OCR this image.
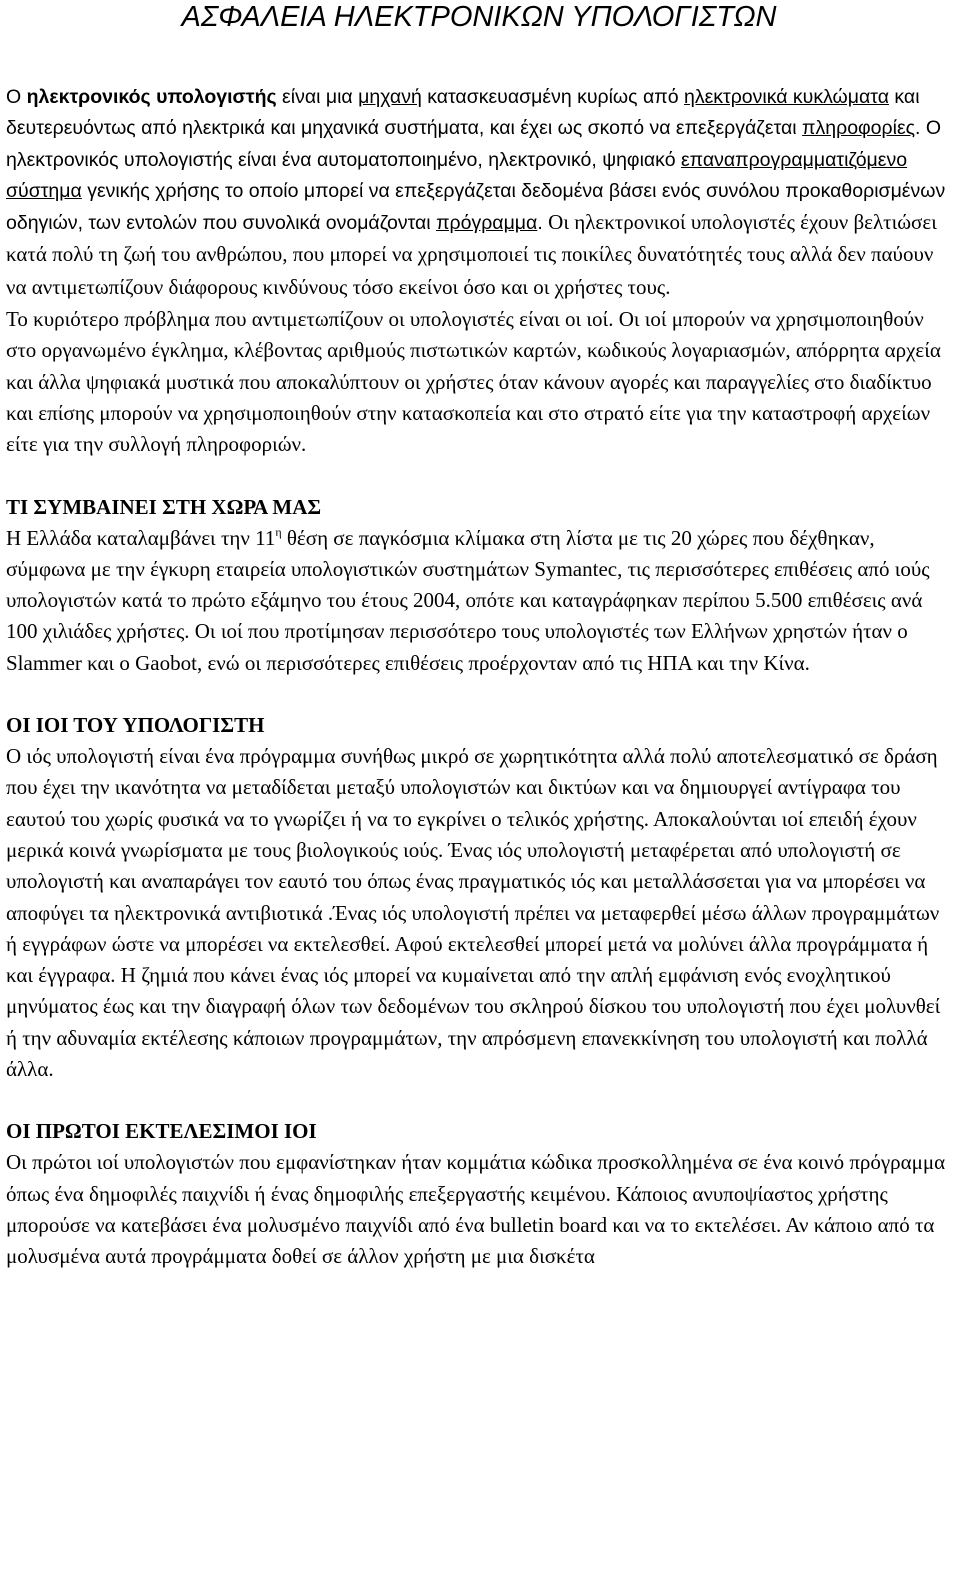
ΑΣΦΑΛΕΙΑ ΗΛΕΚΤΡΟΝΙΚΩΝ ΥΠΟΛΟΓΙΣΤΩΝ

Ο ηλεκτρονικός υπολογιστής είναι μια μηχανή κατασκευασμένη κυρίως από ηλεκτρονικά κυκλώματα και δευτερευόντως από ηλεκτρικά και μηχανικά συστήματα, και έχει ως σκοπό να επεξεργάζεται πληροφορίες. Ο ηλεκτρονικός υπολογιστής είναι ένα αυτοματοποιημένο, ηλεκτρονικό, ψηφιακό επαναπρογραμματιζόμενο σύστημα γενικής χρήσης το οποίο μπορεί να επεξεργάζεται δεδομένα βάσει ενός συνόλου προκαθορισμένων οδηγιών, των εντολών που συνολικά ονομάζονται πρόγραμμα. Οι ηλεκτρονικοί υπολογιστές έχουν βελτιώσει κατά πολύ τη ζωή του ανθρώπου, που μπορεί να χρησιμοποιεί τις ποικίλες δυνατότητές τους αλλά δεν παύουν να αντιμετωπίζουν διάφορους κινδύνους τόσο εκείνοι όσο και οι χρήστες τους.

Το κυριότερο πρόβλημα που αντιμετωπίζουν οι υπολογιστές είναι οι ιοί. Οι ιοί μπορούν να χρησιμοποιηθούν στο οργανωμένο έγκλημα, κλέβοντας αριθμούς πιστωτικών καρτών, κωδικούς λογαριασμών, απόρρητα αρχεία και άλλα ψηφιακά μυστικά που αποκαλύπτουν οι χρήστες όταν κάνουν αγορές και παραγγελίες στο διαδίκτυο και επίσης μπορούν να χρησιμοποιηθούν στην κατασκοπεία και στο στρατό είτε για την καταστροφή αρχείων είτε για την συλλογή πληροφοριών.

ΤΙ ΣΥΜΒΑΙΝΕΙ ΣΤΗ ΧΩΡΑ ΜΑΣ

Η Ελλάδα καταλαμβάνει την $11^\eta$ θέση σε παγκόσμια κλίμακα στη λίστα με τις 20 χώρες που δέχθηκαν, σύμφωνα με την έγκυρη εταιρεία υπολογιστικών συστημάτων Symantec, τις περισσότερες επιθέσεις από ιούς υπολογιστών κατά το πρώτο εξάμηνο του έτους 2004, οπότε και καταγράφηκαν περίπου 5.500 επιθέσεις ανά 100 χιλιάδες χρήστες. Οι ιοί που προτίμησαν περισσότερο τους υπολογιστές των Ελλήνων χρηστών ήταν ο Slammer και ο Gaobot, ενώ οι περισσότερες επιθέσεις προέρχονταν από τις ΗΠΑ και την Κίνα.

ΟΙ ΙΟΙ ΤΟΥ ΥΠΟΛΟΓΙΣΤΗ

Ο ιός υπολογιστή είναι ένα πρόγραμμα συνήθως μικρό σε χωρητικότητα αλλά πολύ αποτελεσματικό σε δράση που έχει την ικανότητα να μεταδίδεται μεταξύ υπολογιστών και δικτύων και να δημιουργεί αντίγραφα του εαυτού του χωρίς φυσικά να το γνωρίζει ή να το εγκρίνει ο τελικός χρήστης. Αποκαλούνται ιοί επειδή έχουν μερικά κοινά γνωρίσματα με τους βιολογικούς ιούς. Ένας ιός υπολογιστή μεταφέρεται από υπολογιστή σε υπολογιστή και αναπαράγει τον εαυτό του όπως ένας πραγματικός ιός και μεταλλάσσεται για να μπορέσει να αποφύγει τα ηλεκτρονικά αντιβιοτικά .Ένας ιός υπολογιστή πρέπει να μεταφερθεί μέσω άλλων προγραμμάτων ή εγγράφων ώστε να μπορέσει να εκτελεσθεί. Αφού εκτελεσθεί μπορεί μετά να μολύνει άλλα προγράμματα ή και έγγραφα. Η ζημιά που κάνει ένας ιός μπορεί να κυμαίνεται από την απλή εμφάνιση ενός ενοχλητικού μηνύματος έως και την διαγραφή όλων των δεδομένων του σκληρού δίσκου του υπολογιστή που έχει μολυνθεί ή την αδυναμία εκτέλεσης κάποιων προγραμμάτων, την απρόσμενη επανεκκίνηση του υπολογιστή και πολλά άλλα.

ΟΙ ΠΡΩΤΟΙ ΕΚΤΕΛΕΣΙΜΟΙ ΙΟΙ

Οι πρώτοι ιοί υπολογιστών που εμφανίστηκαν ήταν κομμάτια κώδικα προσκολλημένα σε ένα κοινό πρόγραμμα όπως ένα δημοφιλές παιχνίδι ή ένας δημοφιλής επεξεργαστής κειμένου. Κάποιος ανυποψίαστος χρήστης μπορούσε να κατεβάσει ένα μολυσμένο παιχνίδι από ένα bulletin board και να το εκτελέσει. Αν κάποιο από τα μολυσμένα αυτά προγράμματα δοθεί σε άλλον χρήστη με μια δισκέτα
